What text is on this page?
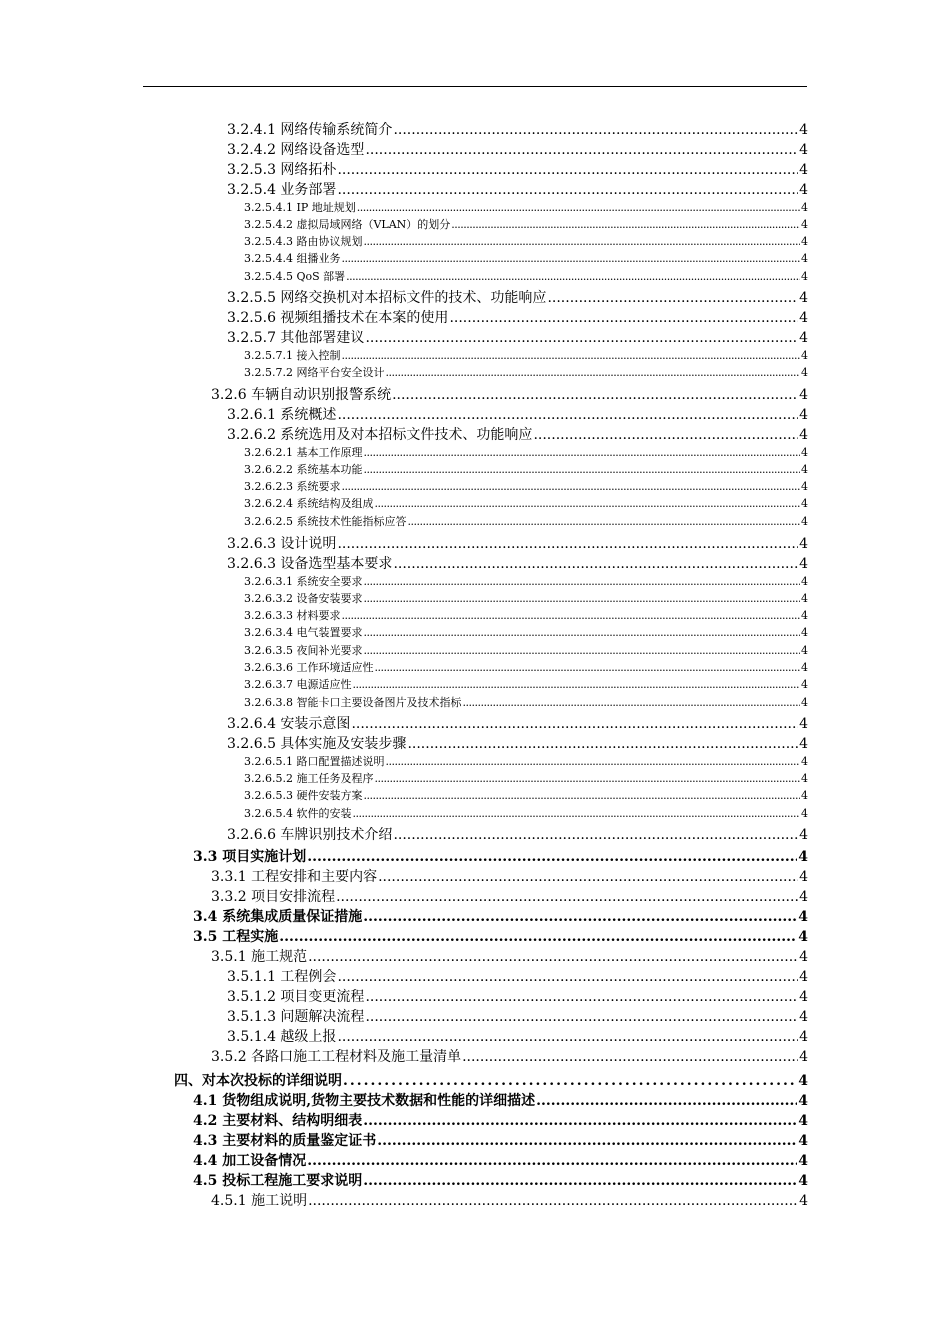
3.2.4.1 网络传输系统简介 .....	4
3.2.4.2 网络设备选型 .....	4
3.2.5.3 网络拓朴 .....	4
3.2.5.4 业务部署 .....	4
3.2.5.4.1 IP 地址规划 .....	4
3.2.5.4.2 虚拟局域网络（VLAN）的划分 .....	4
3.2.5.4.3 路由协议规划 .....	4
3.2.5.4.4 组播业务 .....	4
3.2.5.4.5 QoS 部署 .....	4
3.2.5.5 网络交换机对本招标文件的技术、功能响应 .....	4
3.2.5.6 视频组播技术在本案的使用 .....	4
3.2.5.7 其他部署建议 .....	4
3.2.5.7.1 接入控制 .....	4
3.2.5.7.2 网络平台安全设计 .....	4
3.2.6 车辆自动识别报警系统 .....	4
3.2.6.1 系统概述 .....	4
3.2.6.2 系统选用及对本招标文件技术、功能响应 .....	4
3.2.6.2.1 基本工作原理 .....	4
3.2.6.2.2 系统基本功能 .....	4
3.2.6.2.3 系统要求 .....	4
3.2.6.2.4 系统结构及组成 .....	4
3.2.6.2.5 系统技术性能指标应答 .....	4
3.2.6.3 设计说明 .....	4
3.2.6.3 设备选型基本要求 .....	4
3.2.6.3.1 系统安全要求 .....	4
3.2.6.3.2 设备安装要求 .....	4
3.2.6.3.3 材料要求 .....	4
3.2.6.3.4 电气装置要求 .....	4
3.2.6.3.5 夜间补光要求 .....	4
3.2.6.3.6 工作环境适应性 .....	4
3.2.6.3.7 电源适应性 .....	4
3.2.6.3.8 智能卡口主要设备图片及技术指标 .....	4
3.2.6.4 安装示意图 .....	4
3.2.6.5 具体实施及安装步骤 .....	4
3.2.6.5.1 路口配置描述说明 .....	4
3.2.6.5.2 施工任务及程序 .....	4
3.2.6.5.3 硬件安装方案 .....	4
3.2.6.5.4 软件的安装 .....	4
3.2.6.6 车牌识别技术介绍 .....	4
3.3 项目实施计划 .....	4
3.3.1 工程安排和主要内容 .....	4
3.3.2 项目安排流程 .....	4
3.4 系统集成质量保证措施 .....	4
3.5 工程实施 .....	4
3.5.1 施工规范 .....	4
3.5.1.1 工程例会 .....	4
3.5.1.2 项目变更流程 .....	4
3.5.1.3 问题解决流程 .....	4
3.5.1.4 越级上报 .....	4
3.5.2 各路口施工工程材料及施工量清单 .....	4
四、对本次投标的详细说明 .....	4
4.1 货物组成说明,货物主要技术数据和性能的详细描述 .....	4
4.2 主要材料、结构明细表 .....	4
4.3 主要材料的质量鉴定证书 .....	4
4.4 加工设备情况 .....	4
4.5 投标工程施工要求说明 .....	4
4.5.1 施工说明 .....	4
